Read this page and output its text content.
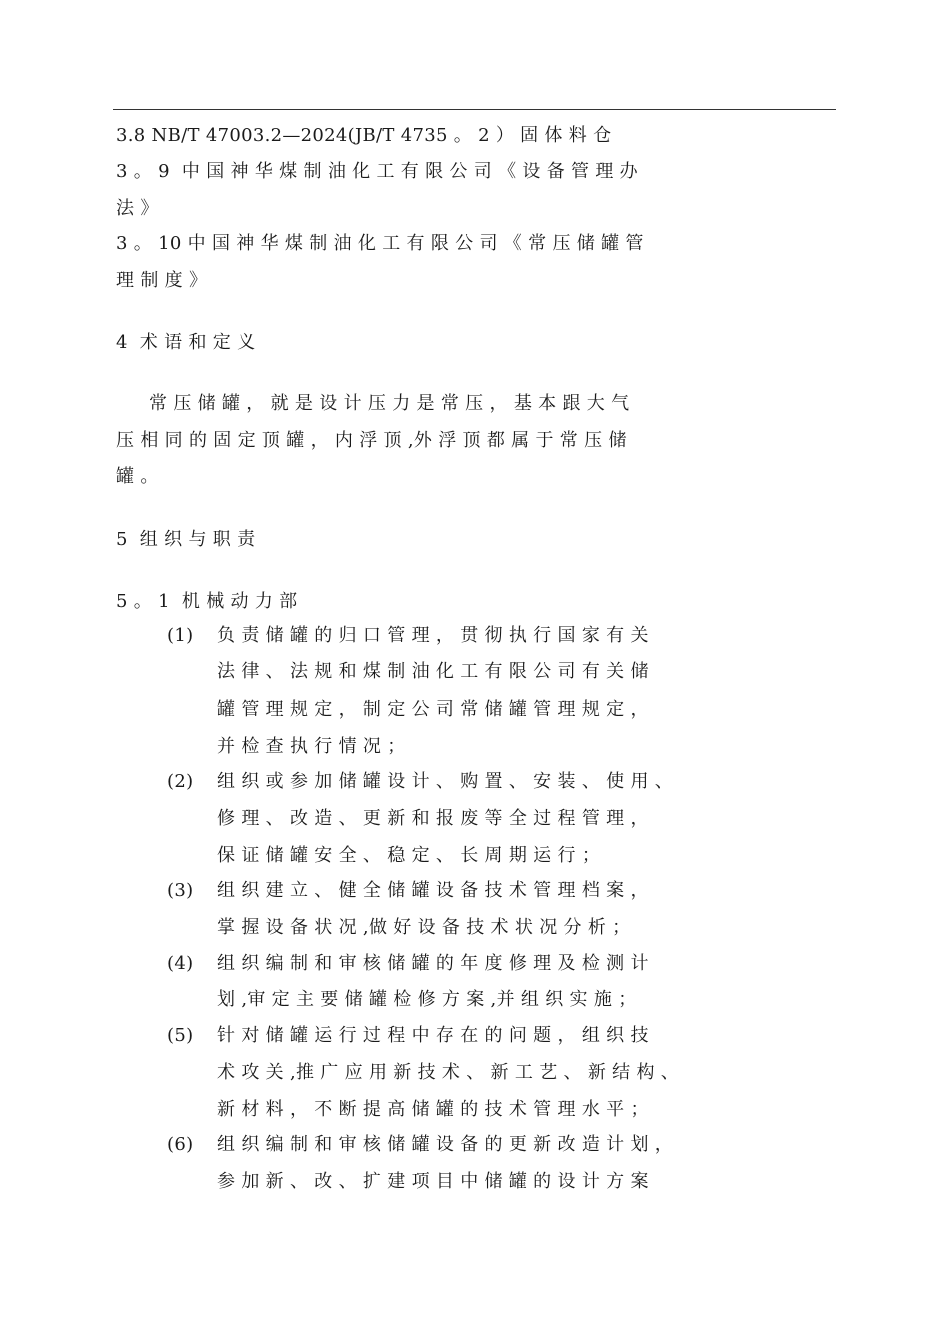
3.8 NB/T 47003.2—2024(JB/T 4735 。 2 ） 固 体 料 仓

3 。 9  中 国 神 华 煤 制 油 化 工 有 限 公 司 《 设 备 管 理 办

法 》

3 。 10 中 国 神 华 煤 制 油 化 工 有 限 公 司 《 常 压 储 罐 管

理 制 度 》

4  术 语 和 定 义

常 压 储 罐 ， 就 是 设 计 压 力 是 常 压 ， 基 本 跟 大 气

压 相 同 的 固 定 顶 罐 ， 内 浮 顶 ,外 浮 顶 都 属 于 常 压 储

罐 。

5  组 织 与 职 责

5 。 1  机 械 动 力 部

(1)	负 责 储 罐 的 归 口 管 理 ， 贯 彻 执 行 国 家 有 关

法 律 、 法 规 和 煤 制 油 化 工 有 限 公 司 有 关 储

罐 管 理 规 定 ， 制 定 公 司 常 储 罐 管 理 规 定 ，

并 检 查 执 行 情 况 ；

(2)	组 织 或 参 加 储 罐 设 计 、 购 置 、 安 装 、 使 用 、

修 理 、 改 造 、 更 新 和 报 废 等 全 过 程 管 理 ，

保 证 储 罐 安 全 、 稳 定 、 长 周 期 运 行 ；

(3)	组 织 建 立 、 健 全 储 罐 设 备 技 术 管 理 档 案 ，

掌 握 设 备 状 况 ,做 好 设 备 技 术 状 况 分 析 ；

(4)	组 织 编 制 和 审 核 储 罐 的 年 度 修 理 及 检 测 计

划 ,审 定 主 要 储 罐 检 修 方 案 ,并 组 织 实 施 ；

(5)	针 对 储 罐 运 行 过 程 中 存 在 的 问 题 ， 组 织 技

术 攻 关 ,推 广 应 用 新 技 术 、 新 工 艺 、 新 结 构 、

新 材 料 ， 不 断 提 高 储 罐 的 技 术 管 理 水 平 ；

(6)	组 织 编 制 和 审 核 储 罐 设 备 的 更 新 改 造 计 划 ，

参 加 新 、 改 、 扩 建 项 目 中 储 罐 的 设 计 方 案
